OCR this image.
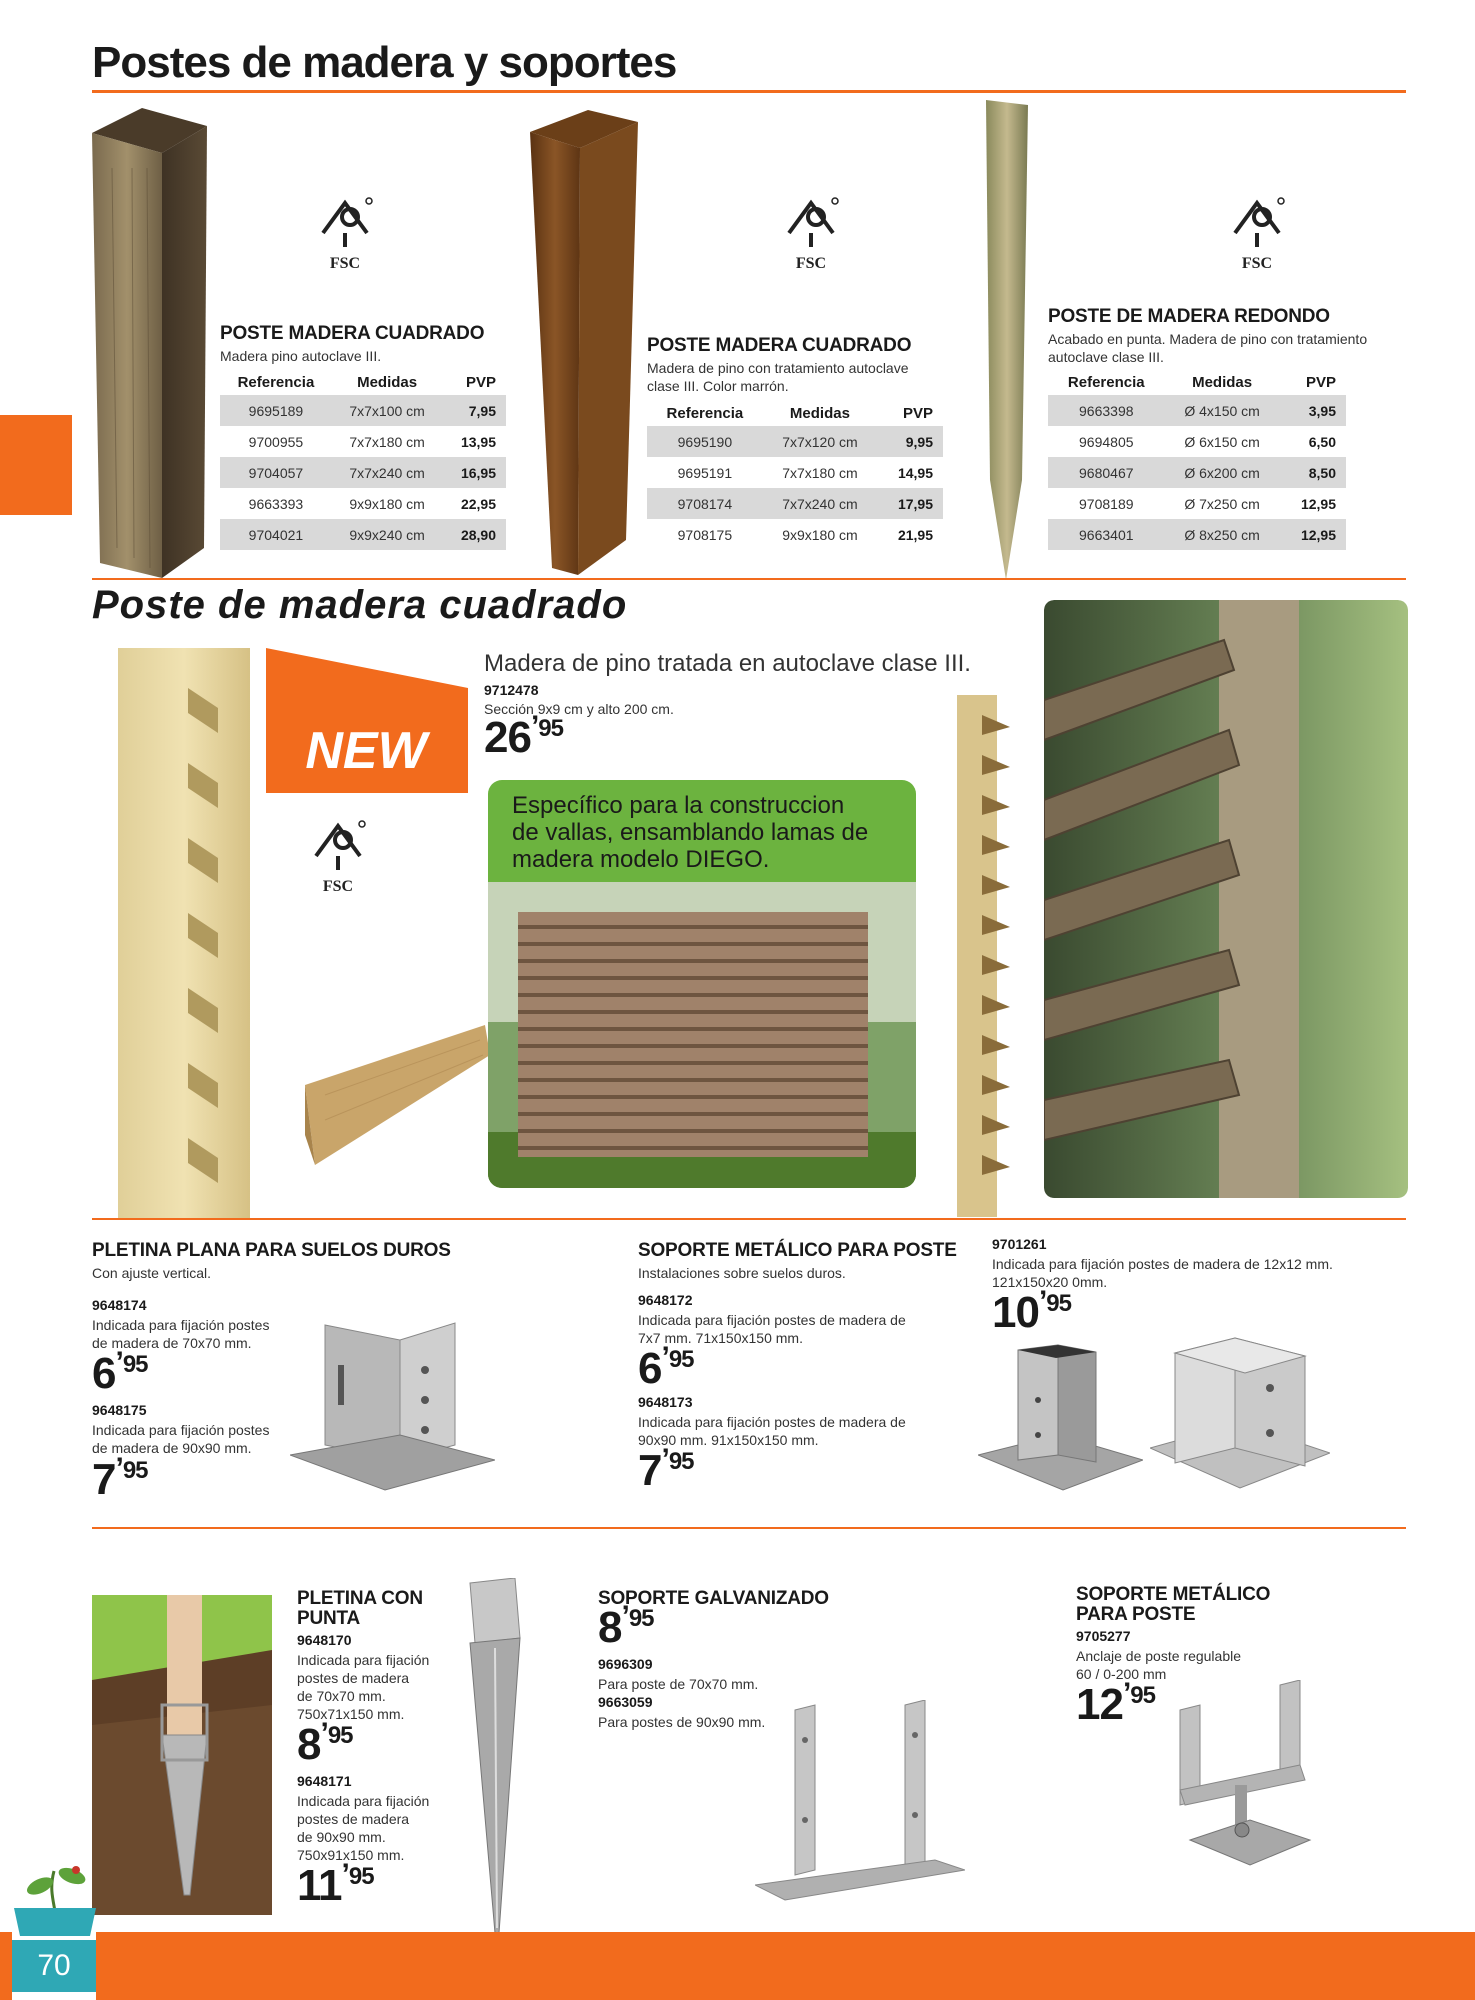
Postes de madera y soportes
FSC
POSTE MADERA CUADRADO
Madera pino autoclave III.
Referencia	Medidas	PVP
9695189	7x7x100 cm	7,95
9700955	7x7x180 cm	13,95
9704057	7x7x240 cm	16,95
9663393	9x9x180 cm	22,95
9704021	9x9x240 cm	28,90
FSC
POSTE MADERA CUADRADO
Madera de pino con tratamiento autoclave
clase III. Color marrón.
Referencia	Medidas	PVP
9695190	7x7x120 cm	9,95
9695191	7x7x180 cm	14,95
9708174	7x7x240 cm	17,95
9708175	9x9x180 cm	21,95
FSC
POSTE DE MADERA REDONDO
Acabado en punta. Madera de pino con tratamiento
autoclave clase III.
Referencia	Medidas	PVP
9663398	Ø 4x150 cm	3,95
9694805	Ø 6x150 cm	6,50
9680467	Ø 6x200 cm	8,50
9708189	Ø 7x250 cm	12,95
9663401	Ø 8x250 cm	12,95
Poste de madera cuadrado
NEW
FSC
Madera de pino tratada en autoclave clase III.
9712478
Sección 9x9 cm y alto 200 cm.
26’95
Específico para la construccion
de vallas, ensamblando lamas de
madera modelo DIEGO.
PLETINA PLANA PARA SUELOS DUROS
Con ajuste vertical.
9648174
Indicada para fijación postes
de madera de 70x70 mm.
6’95
9648175
Indicada para fijación postes
de madera de 90x90 mm.
7’95
SOPORTE METÁLICO PARA POSTE
Instalaciones sobre suelos duros.
9648172
Indicada para fijación postes de madera de
7x7 mm. 71x150x150 mm.
6’95
9648173
Indicada para fijación postes de madera de
90x90 mm. 91x150x150 mm.
7’95
9701261
Indicada para fijación postes de madera de 12x12 mm.
121x150x20 0mm.
10’95
PLETINA CON
PUNTA
9648170
Indicada para fijación
postes de madera
de 70x70 mm.
750x71x150 mm.
8’95
9648171
Indicada para fijación
postes de madera
de 90x90 mm.
750x91x150 mm.
11’95
SOPORTE GALVANIZADO
8’95
9696309
Para poste de 70x70 mm.
9663059
Para postes de 90x90 mm.
SOPORTE METÁLICO
PARA POSTE
9705277
Anclaje de poste regulable
60 / 0-200 mm
12’95
70
